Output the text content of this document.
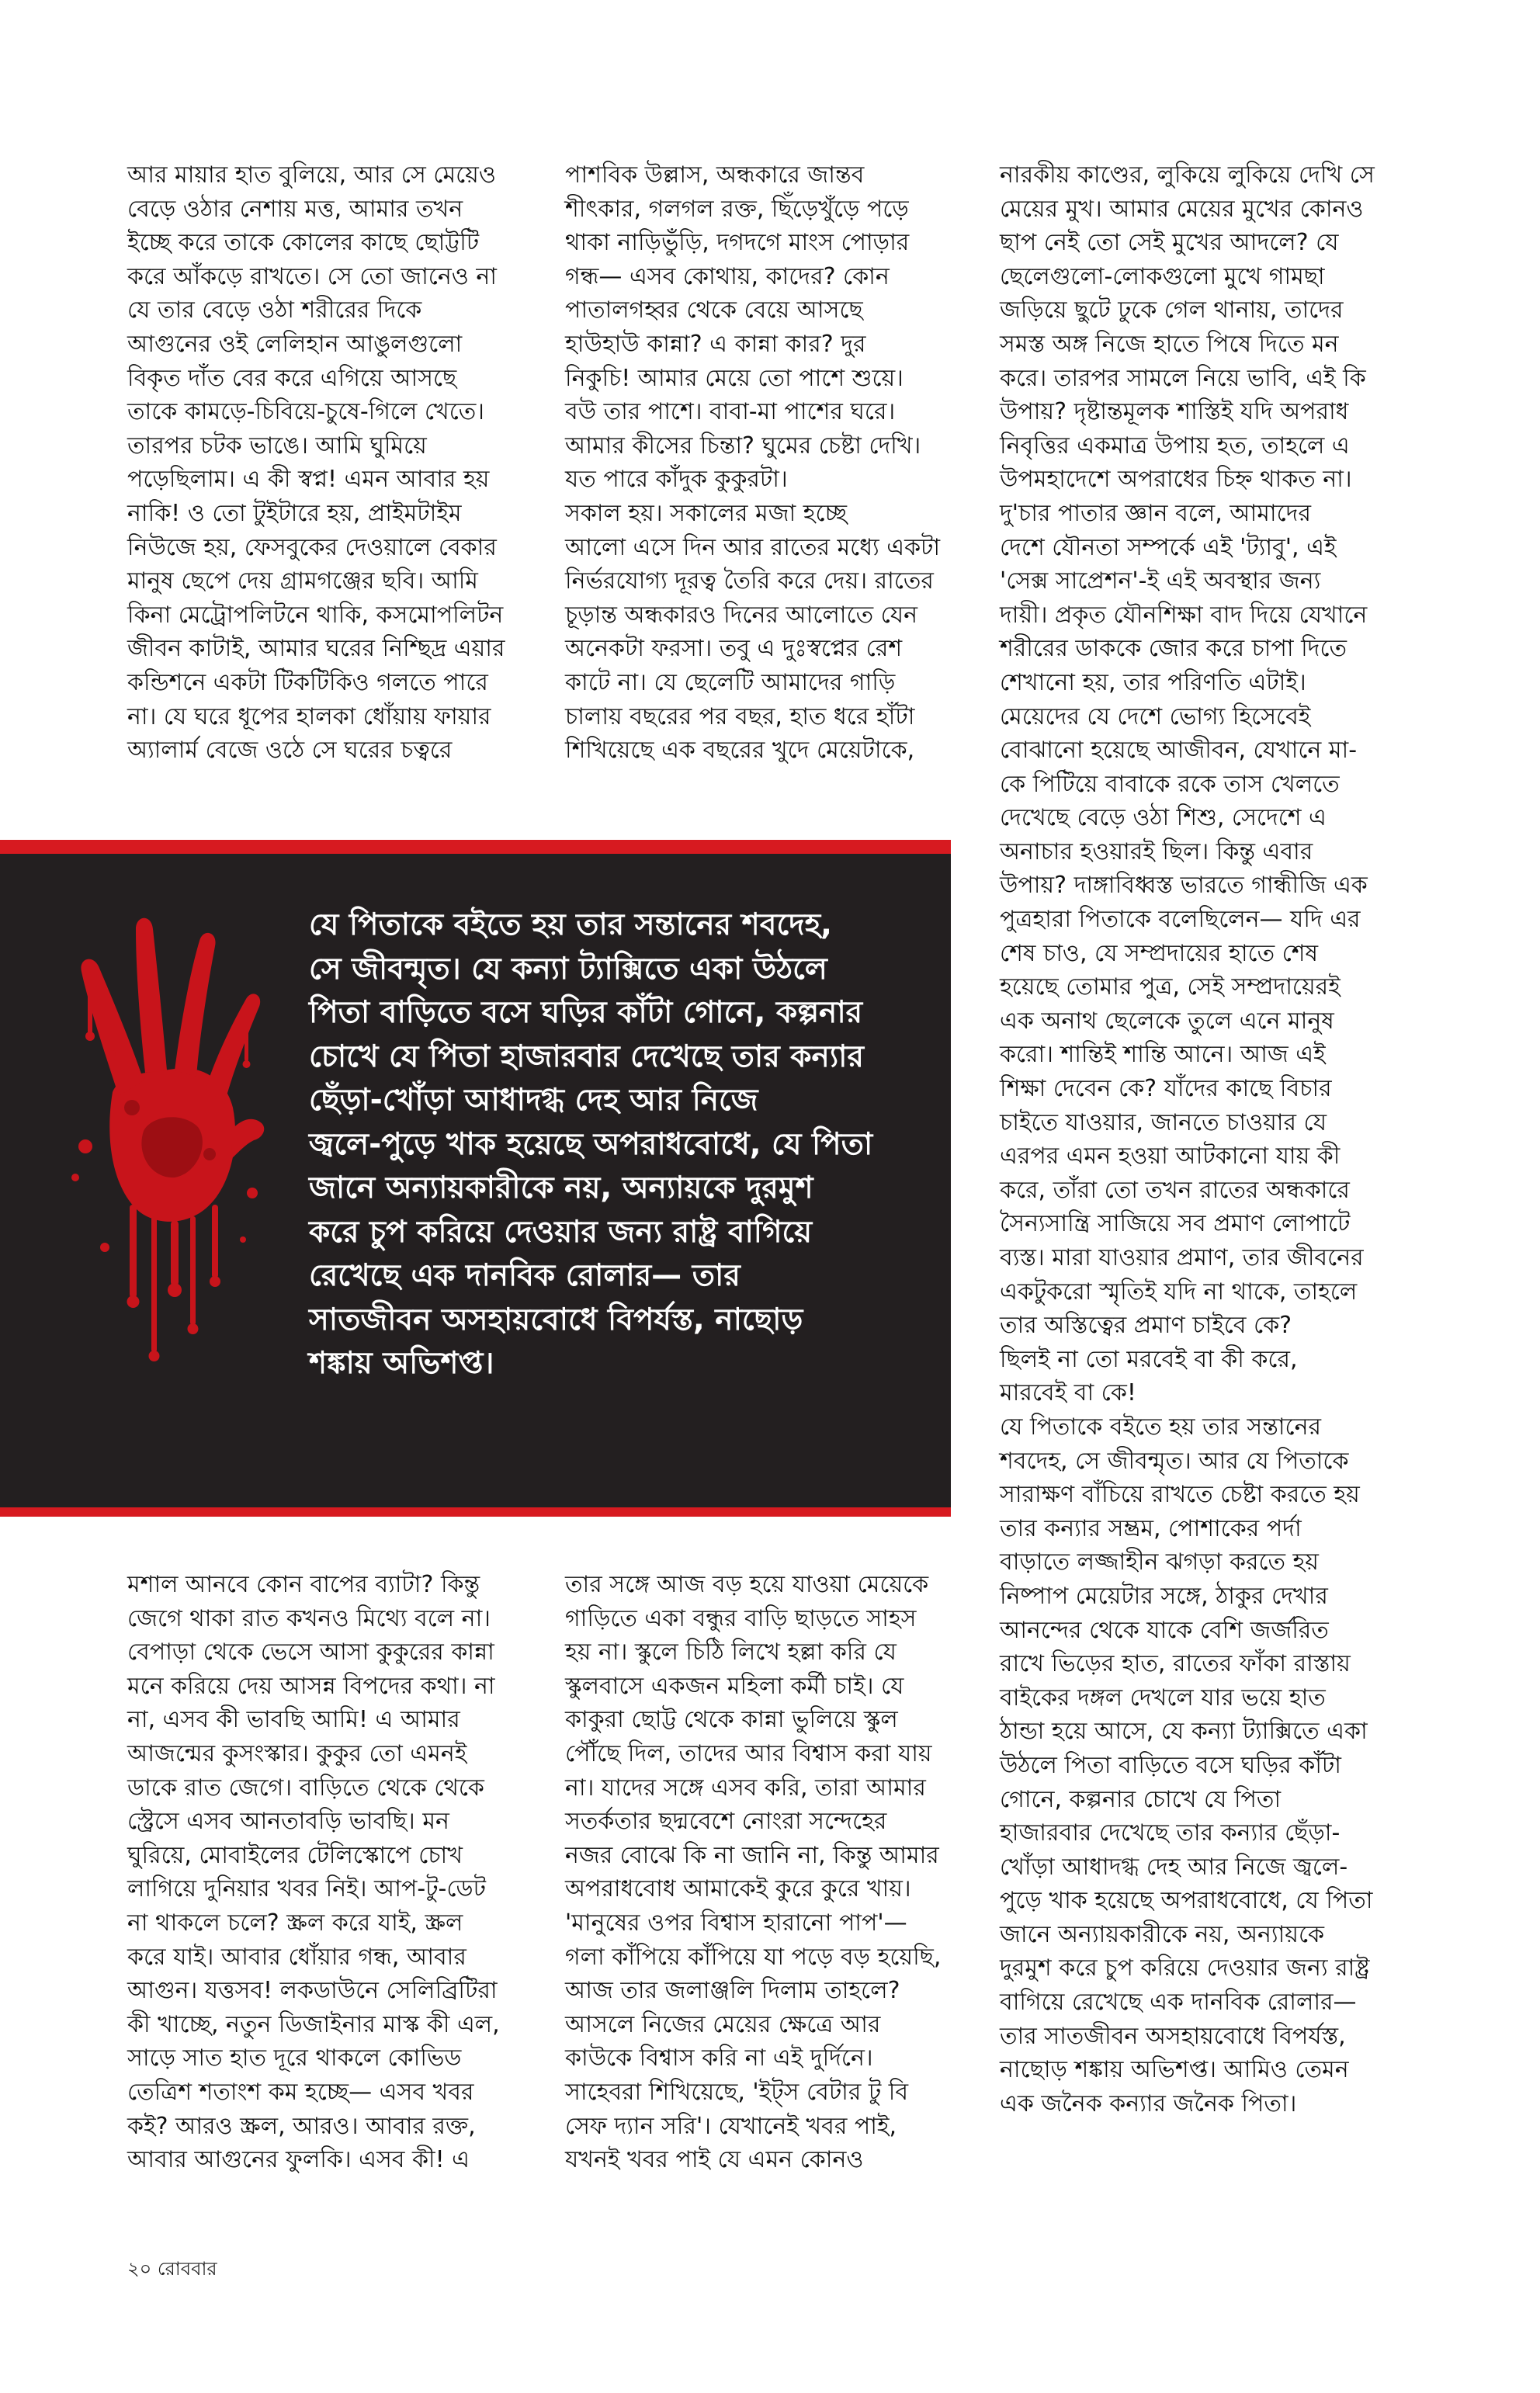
আর মায়ার হাত বুলিয়ে, আর সে মেয়েও
বেড়ে ওঠার নেশায় মত্ত, আমার তখন
ইচ্ছে করে তাকে কোলের কাছে ছোট্টটি
করে আঁকড়ে রাখতে। সে তো জানেও না
যে তার বেড়ে ওঠা শরীরের দিকে
আগুনের ওই লেলিহান আঙুলগুলো
বিকৃত দাঁত বের করে এগিয়ে আসছে
তাকে কামড়ে-চিবিয়ে-চুষে-গিলে খেতে।
তারপর চটক ভাঙে। আমি ঘুমিয়ে
পড়েছিলাম। এ কী স্বপ্ন! এমন আবার হয়
নাকি! ও তো টুইটারে হয়, প্রাইমটাইম
নিউজে হয়, ফেসবুকের দেওয়ালে বেকার
মানুষ ছেপে দেয় গ্রামগঞ্জের ছবি। আমি
কিনা মেট্রোপলিটনে থাকি, কসমোপলিটন
জীবন কাটাই, আমার ঘরের নিশ্ছিদ্র এয়ার
কন্ডিশনে একটা টিকটিকিও গলতে পারে
না। যে ঘরে ধূপের হালকা ধোঁয়ায় ফায়ার
অ্যালার্ম বেজে ওঠে সে ঘরের চত্বরে
পাশবিক উল্লাস, অন্ধকারে জান্তব
শীৎকার, গলগল রক্ত, ছিঁড়েখুঁড়ে পড়ে
থাকা নাড়িভুঁড়ি, দগদগে মাংস পোড়ার
গন্ধ— এসব কোথায়, কাদের? কোন
পাতালগহ্বর থেকে বেয়ে আসছে
হাউহাউ কান্না? এ কান্না কার? দুর
নিকুচি! আমার মেয়ে তো পাশে শুয়ে।
বউ তার পাশে। বাবা-মা পাশের ঘরে।
আমার কীসের চিন্তা? ঘুমের চেষ্টা দেখি।
যত পারে কাঁদুক কুকুরটা।
সকাল হয়। সকালের মজা হচ্ছে
আলো এসে দিন আর রাতের মধ্যে একটা
নির্ভরযোগ্য দূরত্ব তৈরি করে দেয়। রাতের
চূড়ান্ত অন্ধকারও দিনের আলোতে যেন
অনেকটা ফরসা। তবু এ দুঃস্বপ্নের রেশ
কাটে না। যে ছেলেটি আমাদের গাড়ি
চালায় বছরের পর বছর, হাত ধরে হাঁটা
শিখিয়েছে এক বছরের খুদে মেয়েটাকে,
নারকীয় কাণ্ডের, লুকিয়ে লুকিয়ে দেখি সে
মেয়ের মুখ। আমার মেয়ের মুখের কোনও
ছাপ নেই তো সেই মুখের আদলে? যে
ছেলেগুলো-লোকগুলো মুখে গামছা
জড়িয়ে ছুটে ঢুকে গেল থানায়, তাদের
সমস্ত অঙ্গ নিজে হাতে পিষে দিতে মন
করে। তারপর সামলে নিয়ে ভাবি, এই কি
উপায়? দৃষ্টান্তমূলক শাস্তিই যদি অপরাধ
নিবৃত্তির একমাত্র উপায় হত, তাহলে এ
উপমহাদেশে অপরাধের চিহ্ন থাকত না।
দু'চার পাতার জ্ঞান বলে, আমাদের
দেশে যৌনতা সম্পর্কে এই 'ট্যাবু', এই
'সেক্স সাপ্রেশন'-ই এই অবস্থার জন্য
দায়ী। প্রকৃত যৌনশিক্ষা বাদ দিয়ে যেখানে
শরীরের ডাককে জোর করে চাপা দিতে
শেখানো হয়, তার পরিণতি এটাই।
মেয়েদের যে দেশে ভোগ্য হিসেবেই
বোঝানো হয়েছে আজীবন, যেখানে মা-
কে পিটিয়ে বাবাকে রকে তাস খেলতে
দেখেছে বেড়ে ওঠা শিশু, সেদেশে এ
অনাচার হওয়ারই ছিল। কিন্তু এবার
উপায়? দাঙ্গাবিধ্বস্ত ভারতে গান্ধীজি এক
পুত্রহারা পিতাকে বলেছিলেন— যদি এর
শেষ চাও, যে সম্প্রদায়ের হাতে শেষ
হয়েছে তোমার পুত্র, সেই সম্প্রদায়েরই
এক অনাথ ছেলেকে তুলে এনে মানুষ
করো। শান্তিই শান্তি আনে। আজ এই
শিক্ষা দেবেন কে? যাঁদের কাছে বিচার
চাইতে যাওয়ার, জানতে চাওয়ার যে
এরপর এমন হওয়া আটকানো যায় কী
করে, তাঁরা তো তখন রাতের অন্ধকারে
সৈন্যসান্ত্রি সাজিয়ে সব প্রমাণ লোপাটে
ব্যস্ত। মারা যাওয়ার প্রমাণ, তার জীবনের
একটুকরো স্মৃতিই যদি না থাকে, তাহলে
তার অস্তিত্বের প্রমাণ চাইবে কে?
ছিলই না তো মরবেই বা কী করে,
মারবেই বা কে!
যে পিতাকে বইতে হয় তার সন্তানের
শবদেহ, সে জীবন্মৃত। আর যে পিতাকে
সারাক্ষণ বাঁচিয়ে রাখতে চেষ্টা করতে হয়
তার কন্যার সম্ভ্রম, পোশাকের পর্দা
বাড়াতে লজ্জাহীন ঝগড়া করতে হয়
নিষ্পাপ মেয়েটার সঙ্গে, ঠাকুর দেখার
আনন্দের থেকে যাকে বেশি জর্জরিত
রাখে ভিড়ের হাত, রাতের ফাঁকা রাস্তায়
বাইকের দঙ্গল দেখলে যার ভয়ে হাত
ঠান্ডা হয়ে আসে, যে কন্যা ট্যাক্সিতে একা
উঠলে পিতা বাড়িতে বসে ঘড়ির কাঁটা
গোনে, কল্পনার চোখে যে পিতা
হাজারবার দেখেছে তার কন্যার ছেঁড়া-
খোঁড়া আধাদগ্ধ দেহ আর নিজে জ্বলে-
পুড়ে খাক হয়েছে অপরাধবোধে, যে পিতা
জানে অন্যায়কারীকে নয়, অন্যায়কে
দুরমুশ করে চুপ করিয়ে দেওয়ার জন্য রাষ্ট্র
বাগিয়ে রেখেছে এক দানবিক রোলার—
তার সাতজীবন অসহায়বোধে বিপর্যস্ত,
নাছোড় শঙ্কায় অভিশপ্ত। আমিও তেমন
এক জনৈক কন্যার জনৈক পিতা।
যে পিতাকে বইতে হয় তার সন্তানের শবদেহ,
সে জীবন্মৃত। যে কন্যা ট্যাক্সিতে একা উঠলে
পিতা বাড়িতে বসে ঘড়ির কাঁটা গোনে, কল্পনার
চোখে যে পিতা হাজারবার দেখেছে তার কন্যার
ছেঁড়া-খোঁড়া আধাদগ্ধ দেহ আর নিজে
জ্বলে-পুড়ে খাক হয়েছে অপরাধবোধে, যে পিতা
জানে অন্যায়কারীকে নয়, অন্যায়কে দুরমুশ
করে চুপ করিয়ে দেওয়ার জন্য রাষ্ট্র বাগিয়ে
রেখেছে এক দানবিক রোলার— তার
সাতজীবন অসহায়বোধে বিপর্যস্ত, নাছোড়
শঙ্কায় অভিশপ্ত।
মশাল আনবে কোন বাপের ব্যাটা? কিন্তু
জেগে থাকা রাত কখনও মিথ্যে বলে না।
বেপাড়া থেকে ভেসে আসা কুকুরের কান্না
মনে করিয়ে দেয় আসন্ন বিপদের কথা। না
না, এসব কী ভাবছি আমি! এ আমার
আজন্মের কুসংস্কার। কুকুর তো এমনই
ডাকে রাত জেগে। বাড়িতে থেকে থেকে
স্ট্রেসে এসব আনতাবড়ি ভাবছি। মন
ঘুরিয়ে, মোবাইলের টেলিস্কোপে চোখ
লাগিয়ে দুনিয়ার খবর নিই। আপ-টু-ডেট
না থাকলে চলে? স্ক্রল করে যাই, স্ক্রল
করে যাই। আবার ধোঁয়ার গন্ধ, আবার
আগুন। যত্তসব! লকডাউনে সেলিব্রিটিরা
কী খাচ্ছে, নতুন ডিজাইনার মাস্ক কী এল,
সাড়ে সাত হাত দূরে থাকলে কোভিড
তেত্রিশ শতাংশ কম হচ্ছে— এসব খবর
কই? আরও স্ক্রল, আরও। আবার রক্ত,
আবার আগুনের ফুলকি। এসব কী! এ
তার সঙ্গে আজ বড় হয়ে যাওয়া মেয়েকে
গাড়িতে একা বন্ধুর বাড়ি ছাড়তে সাহস
হয় না। স্কুলে চিঠি লিখে হল্লা করি যে
স্কুলবাসে একজন মহিলা কর্মী চাই। যে
কাকুরা ছোট্ট থেকে কান্না ভুলিয়ে স্কুল
পৌঁছে দিল, তাদের আর বিশ্বাস করা যায়
না। যাদের সঙ্গে এসব করি, তারা আমার
সতর্কতার ছদ্মবেশে নোংরা সন্দেহের
নজর বোঝে কি না জানি না, কিন্তু আমার
অপরাধবোধ আমাকেই কুরে কুরে খায়।
'মানুষের ওপর বিশ্বাস হারানো পাপ'—
গলা কাঁপিয়ে কাঁপিয়ে যা পড়ে বড় হয়েছি,
আজ তার জলাঞ্জলি দিলাম তাহলে?
আসলে নিজের মেয়ের ক্ষেত্রে আর
কাউকে বিশ্বাস করি না এই দুর্দিনে।
সাহেবরা শিখিয়েছে, 'ইট্‌স বেটার টু বি
সেফ দ্যান সরি'। যেখানেই খবর পাই,
যখনই খবর পাই যে এমন কোনও
২০ রোববার
